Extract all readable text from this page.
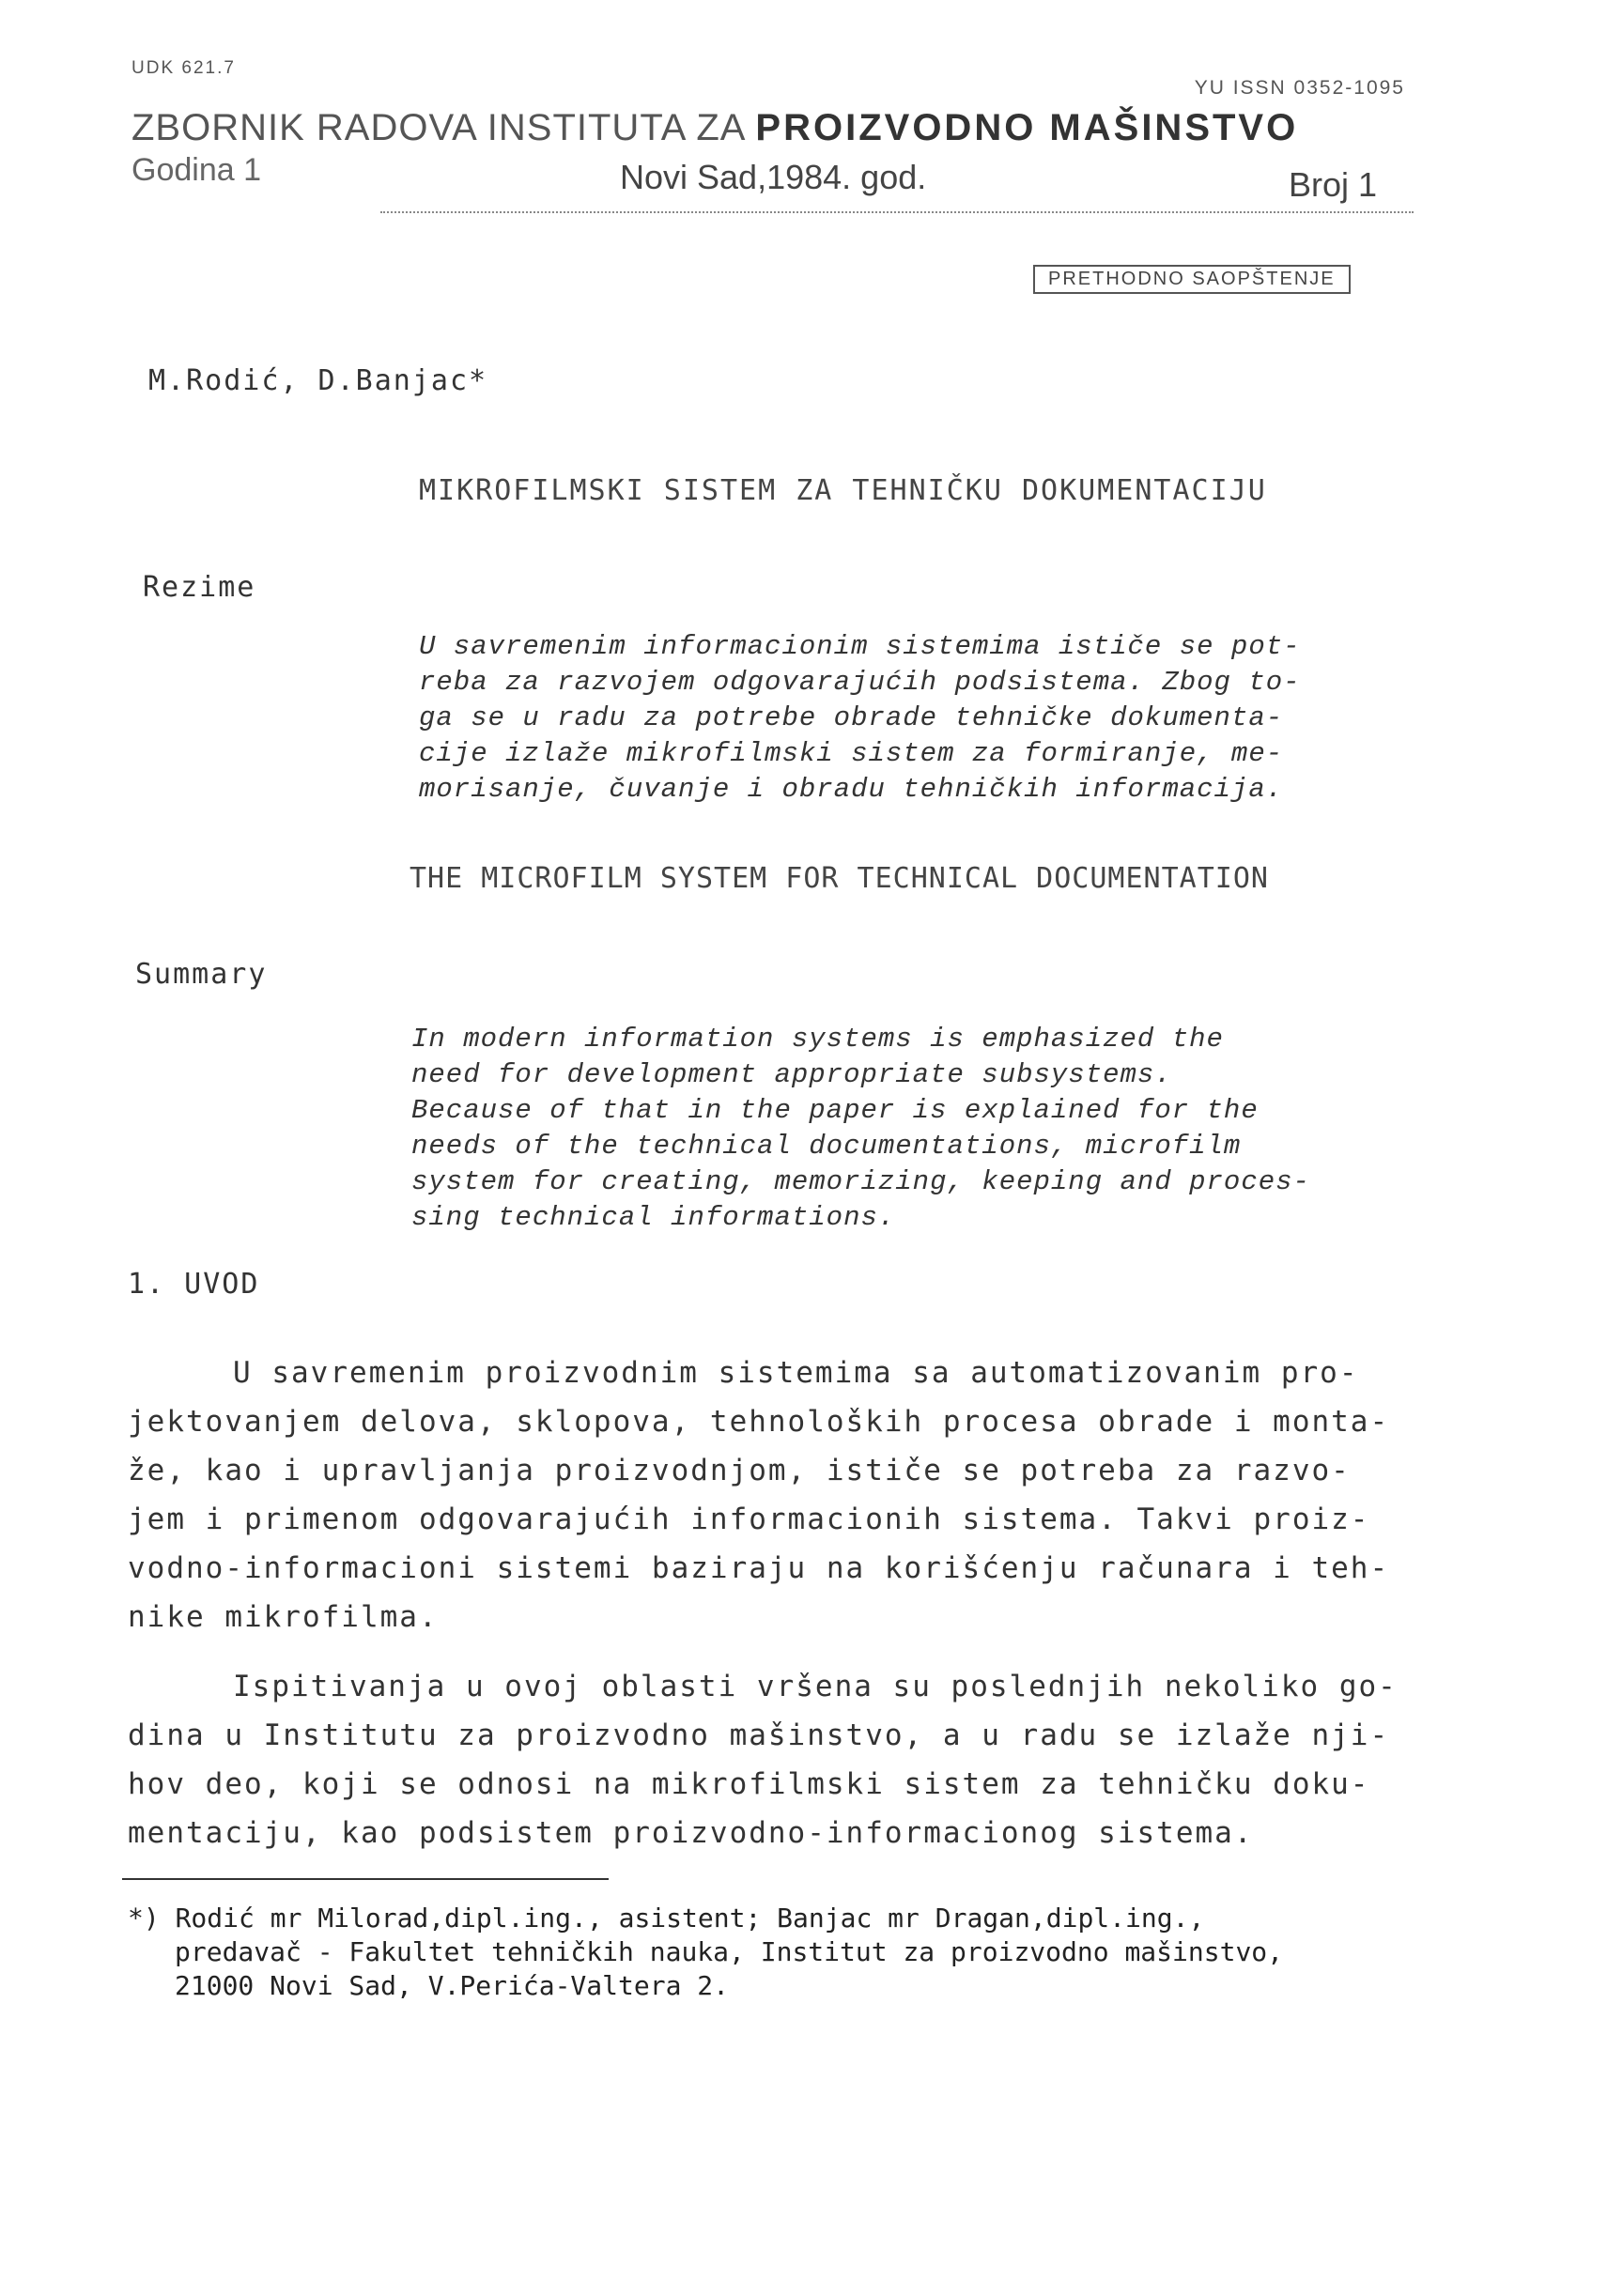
UDK 621.7
YU ISSN 0352-1095
ZBORNIK RADOVA INSTITUTA ZA PROIZVODNO MAŠINSTVO
Godina 1	Novi Sad,1984. god.	Broj 1
PRETHODNO SAOPŠTENJE
M.Rodić, D.Banjac*
MIKROFILMSKI SISTEM ZA TEHNIČKU DOKUMENTACIJU
Rezime
U savremenim informacionim sistemima ističe se pot-
reba za razvojem odgovarajućih podsistema. Zbog to-
ga se u radu za potrebe obrade tehničke dokumenta-
cije izlaže mikrofilmski sistem za formiranje, me-
morisanje, čuvanje i obradu tehničkih informacija.
THE MICROFILM SYSTEM FOR TECHNICAL DOCUMENTATION
Summary
In modern information systems is emphasized the
need for development appropriate subsystems.
Because of that in the paper is explained for the
needs of the technical documentations, microfilm
system for creating, memorizing, keeping and proces-
sing technical informations.
1. UVOD
U savremenim proizvodnim sistemima sa automatizovanim pro-
jektovanjem delova, sklopova, tehnoloških procesa obrade i monta-
že, kao i upravljanja proizvodnjom, ističe se potreba za razvo-
jem i primenom odgovarajućih informacionih sistema. Takvi proiz-
vodno-informacioni sistemi baziraju na korišćenju računara i teh-
nike mikrofilma.
Ispitivanja u ovoj oblasti vršena su poslednjih nekoliko go-
dina u Institutu za proizvodno mašinstvo, a u radu se izlaže nji-
hov deo, koji se odnosi na mikrofilmski sistem za tehničku doku-
mentaciju, kao podsistem proizvodno-informacionog sistema.
*) Rodić mr Milorad,dipl.ing., asistent; Banjac mr Dragan,dipl.ing.,
predavač - Fakultet tehničkih nauka, Institut za proizvodno mašinstvo,
21000 Novi Sad, V.Perića-Valtera 2.
